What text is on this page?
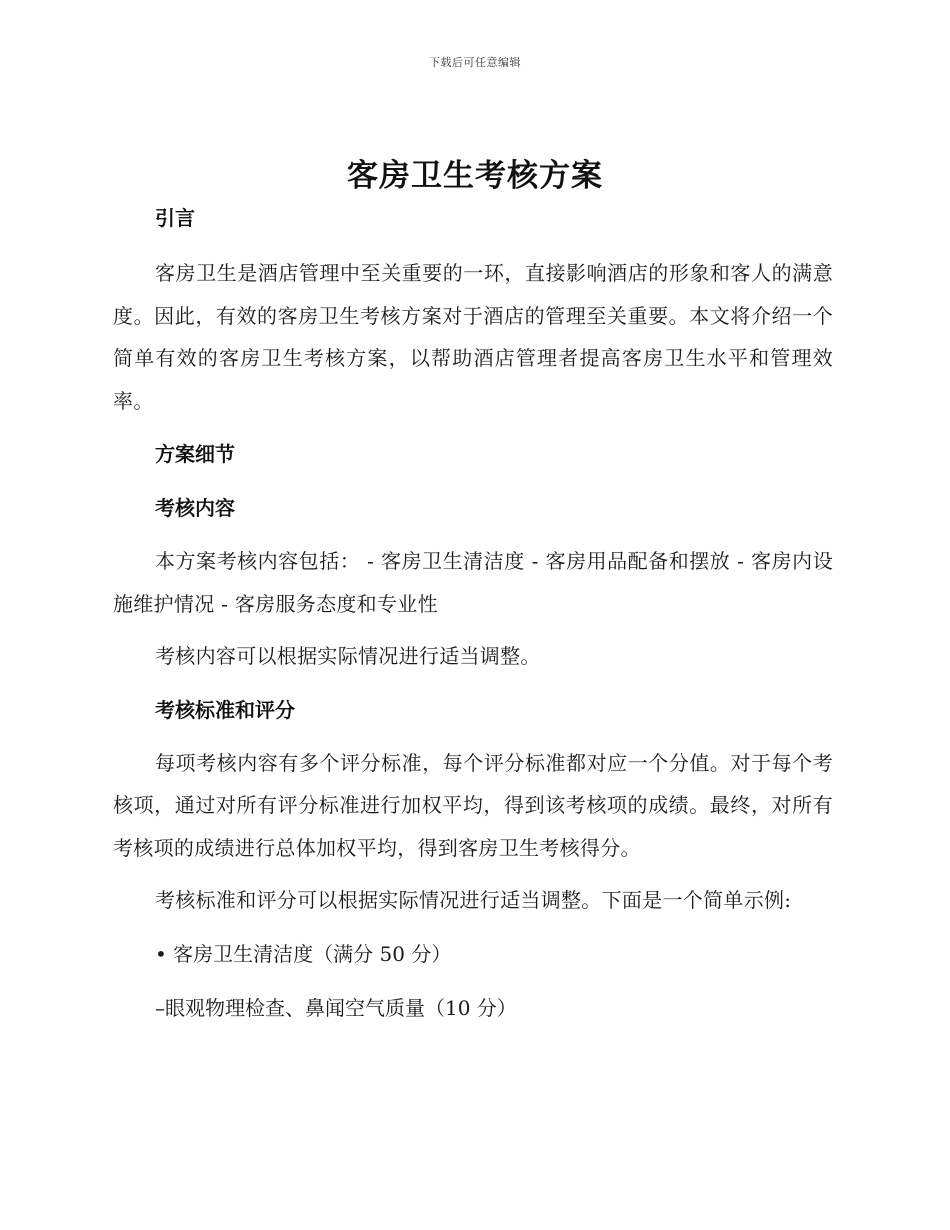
下载后可任意编辑
客房卫生考核方案
引言

客房卫生是酒店管理中至关重要的一环，直接影响酒店的形象和客人的满意度。因此，有效的客房卫生考核方案对于酒店的管理至关重要。本文将介绍一个简单有效的客房卫生考核方案，以帮助酒店管理者提高客房卫生水平和管理效率。

方案细节
考核内容

本方案考核内容包括： - 客房卫生清洁度 - 客房用品配备和摆放 - 客房内设施维护情况 - 客房服务态度和专业性

考核内容可以根据实际情况进行适当调整。

考核标准和评分

每项考核内容有多个评分标准，每个评分标准都对应一个分值。对于每个考核项，通过对所有评分标准进行加权平均，得到该考核项的成绩。最终，对所有考核项的成绩进行总体加权平均，得到客房卫生考核得分。

考核标准和评分可以根据实际情况进行适当调整。下面是一个简单示例:

• 客房卫生清洁度（满分 50 分）
–眼观物理检查、鼻闻空气质量（10 分）
